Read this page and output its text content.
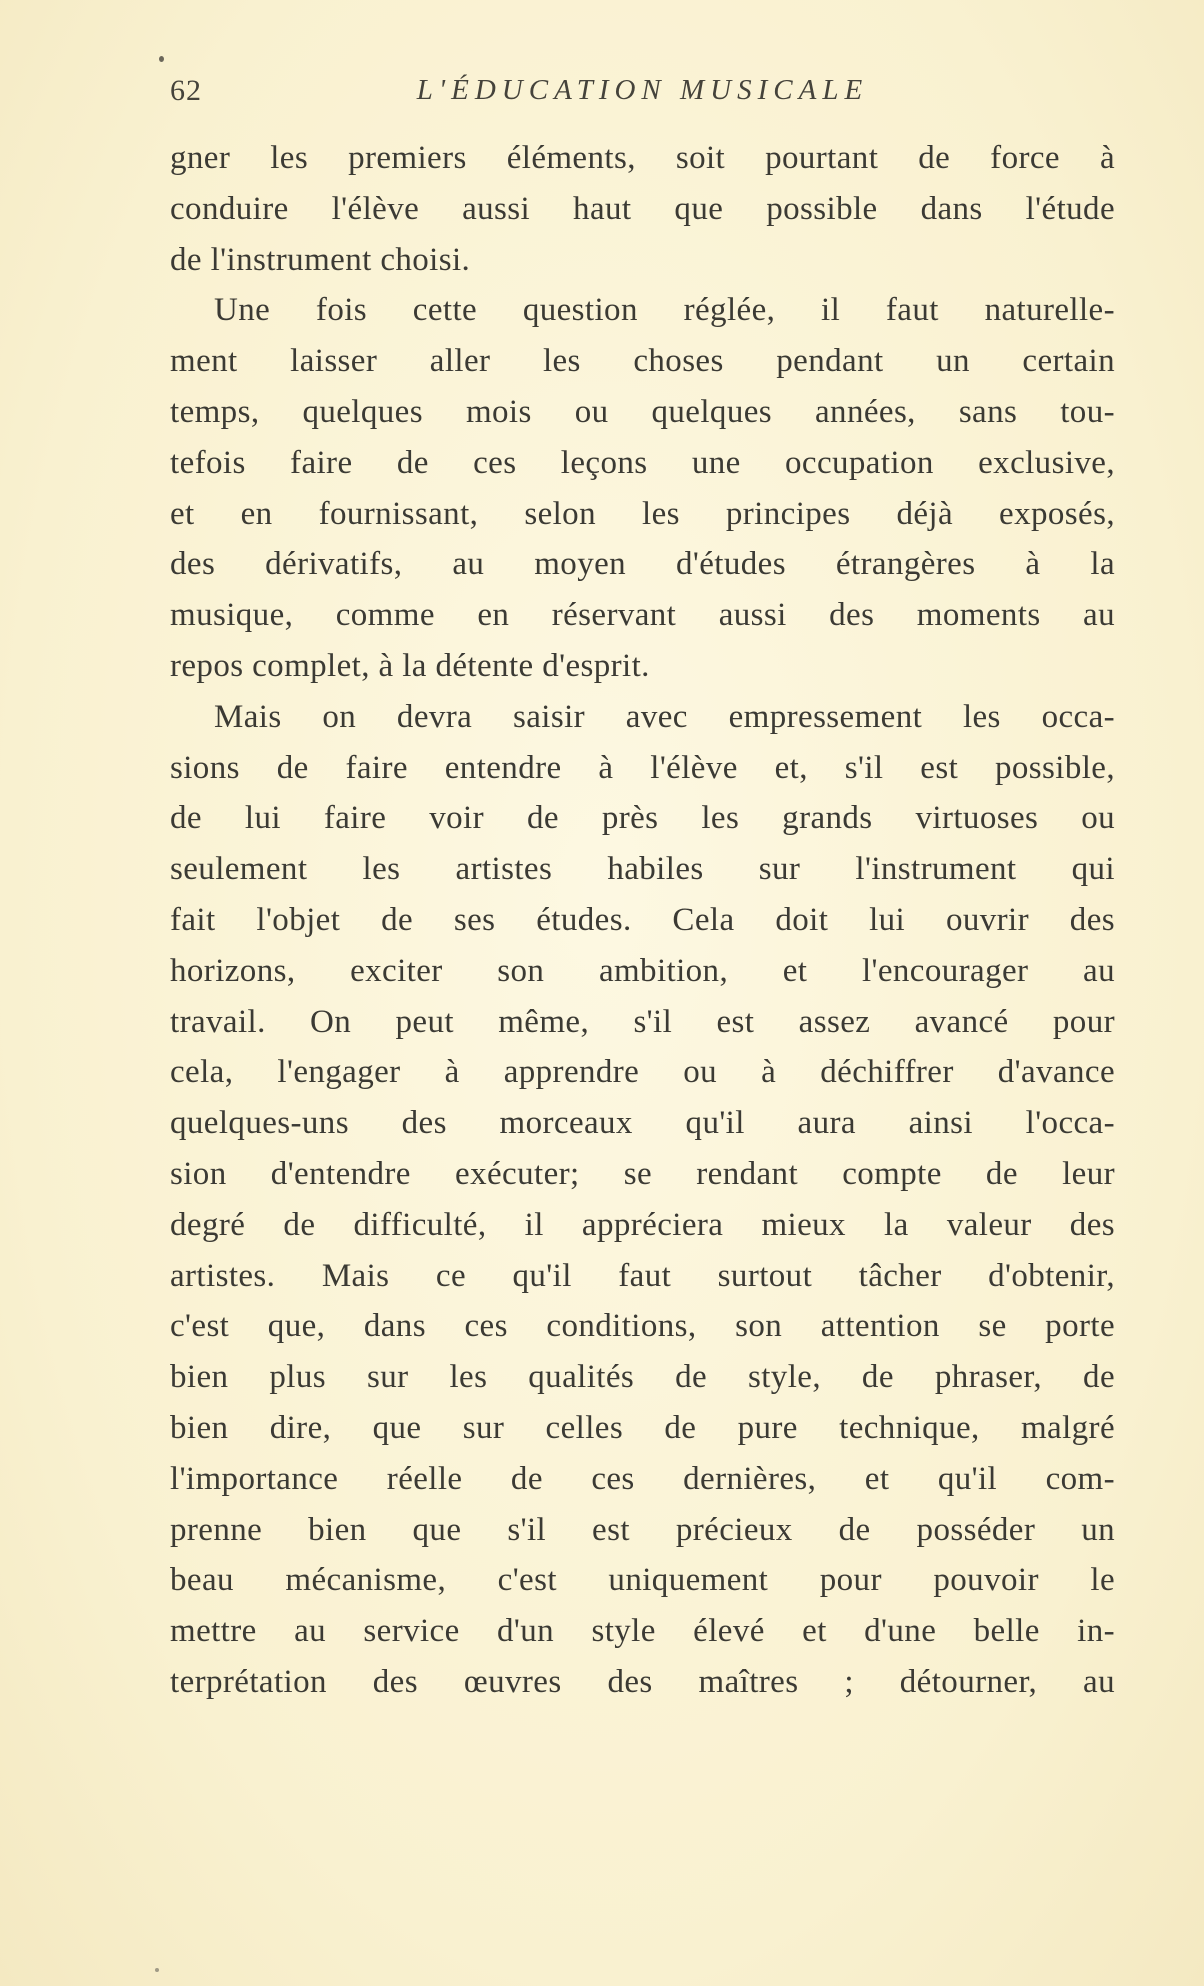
62	L'ÉDUCATION MUSICALE
gner les premiers éléments, soit pourtant de force à
conduire l'élève aussi haut que possible dans l'étude
de l'instrument choisi.
Une fois cette question réglée, il faut naturelle-
ment laisser aller les choses pendant un certain
temps, quelques mois ou quelques années, sans tou-
tefois faire de ces leçons une occupation exclusive,
et en fournissant, selon les principes déjà exposés,
des dérivatifs, au moyen d'études étrangères à la
musique, comme en réservant aussi des moments au
repos complet, à la détente d'esprit.
Mais on devra saisir avec empressement les occa-
sions de faire entendre à l'élève et, s'il est possible,
de lui faire voir de près les grands virtuoses ou
seulement les artistes habiles sur l'instrument qui
fait l'objet de ses études. Cela doit lui ouvrir des
horizons, exciter son ambition, et l'encourager au
travail. On peut même, s'il est assez avancé pour
cela, l'engager à apprendre ou à déchiffrer d'avance
quelques-uns des morceaux qu'il aura ainsi l'occa-
sion d'entendre exécuter; se rendant compte de leur
degré de difficulté, il appréciera mieux la valeur des
artistes. Mais ce qu'il faut surtout tâcher d'obtenir,
c'est que, dans ces conditions, son attention se porte
bien plus sur les qualités de style, de phraser, de
bien dire, que sur celles de pure technique, malgré
l'importance réelle de ces dernières, et qu'il com-
prenne bien que s'il est précieux de posséder un
beau mécanisme, c'est uniquement pour pouvoir le
mettre au service d'un style élevé et d'une belle in-
terprétation des œuvres des maîtres ; détourner, au
